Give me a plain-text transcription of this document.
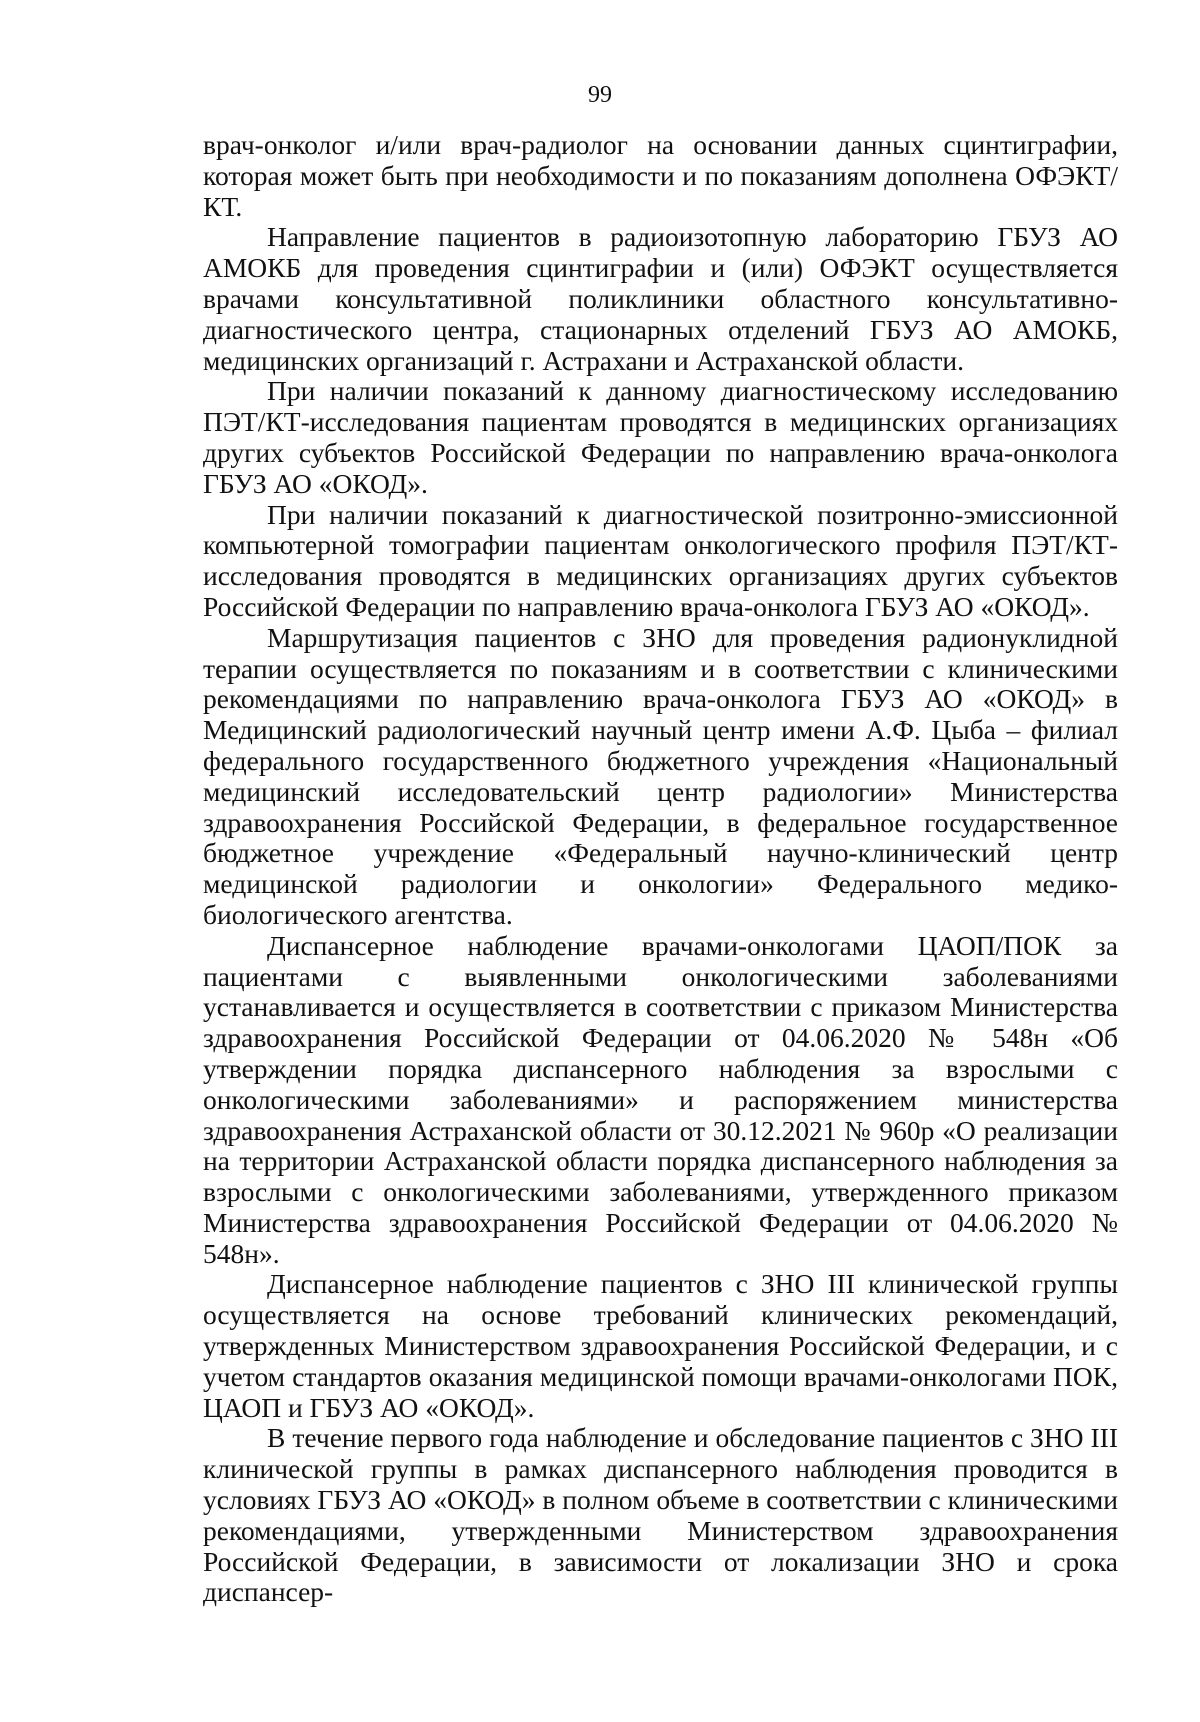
99

врач-онколог и/или врач-радиолог на основании данных сцинтиграфии, которая может быть при необходимости и по показаниям дополнена ОФЭКТ/КТ.

Направление пациентов в радиоизотопную лабораторию ГБУЗ АО АМОКБ для проведения сцинтиграфии и (или) ОФЭКТ осуществляется врачами консультативной поликлиники областного консультативно-диагностического центра, стационарных отделений ГБУЗ АО АМОКБ, медицинских организаций г. Астрахани и Астраханской области.

При наличии показаний к данному диагностическому исследованию ПЭТ/КТ-исследования пациентам проводятся в медицинских организациях других субъектов Российской Федерации по направлению врача-онколога ГБУЗ АО «ОКОД».

При наличии показаний к диагностической позитронно-эмиссионной компьютерной томографии пациентам онкологического профиля ПЭТ/КТ-исследования проводятся в медицинских организациях других субъектов Российской Федерации по направлению врача-онколога ГБУЗ АО «ОКОД».

Маршрутизация пациентов с ЗНО для проведения радионуклидной терапии осуществляется по показаниям и в соответствии с клиническими рекомендациями по направлению врача-онколога ГБУЗ АО «ОКОД» в Медицинский радиологический научный центр имени А.Ф. Цыба – филиал федерального государственного бюджетного учреждения «Национальный медицинский исследовательский центр радиологии» Министерства здравоохранения Российской Федерации, в федеральное государственное бюджетное учреждение «Федеральный научно-клинический центр медицинской радиологии и онкологии» Федерального медико-биологического агентства.

Диспансерное наблюдение врачами-онкологами ЦАОП/ПОК за пациентами с выявленными онкологическими заболеваниями устанавливается и осуществляется в соответствии с приказом Министерства здравоохранения Российской Федерации от 04.06.2020 № 548н «Об утверждении порядка диспансерного наблюдения за взрослыми с онкологическими заболеваниями» и распоряжением министерства здравоохранения Астраханской области от 30.12.2021 № 960р «О реализации на территории Астраханской области порядка диспансерного наблюдения за взрослыми с онкологическими заболеваниями, утвержденного приказом Министерства здравоохранения Российской Федерации от 04.06.2020 № 548н».

Диспансерное наблюдение пациентов с ЗНО III клинической группы осуществляется на основе требований клинических рекомендаций, утвержденных Министерством здравоохранения Российской Федерации, и с учетом стандартов оказания медицинской помощи врачами-онкологами ПОК, ЦАОП и ГБУЗ АО «ОКОД».

В течение первого года наблюдение и обследование пациентов с ЗНО III клинической группы в рамках диспансерного наблюдения проводится в условиях ГБУЗ АО «ОКОД» в полном объеме в соответствии с клиническими рекомендациями, утвержденными Министерством здравоохранения Российской Федерации, в зависимости от локализации ЗНО и срока диспансер-
